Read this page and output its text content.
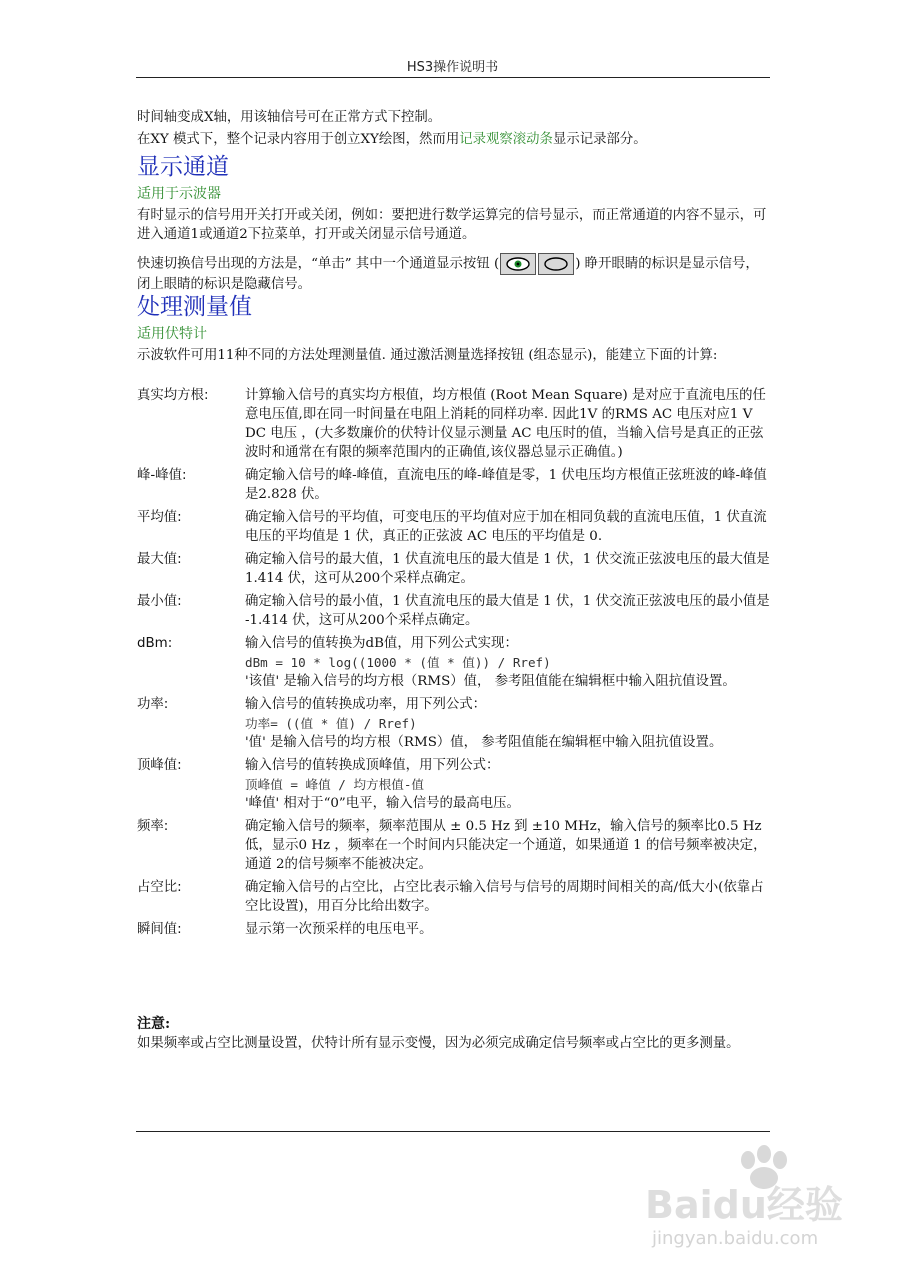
HS3操作说明书

时间轴变成X轴，用该轴信号可在正常方式下控制。

在XY 模式下，整个记录内容用于创立XY绘图，然而用记录观察滚动条显示记录部分。

显示通道
适用于示波器

有时显示的信号用开关打开或关闭，例如：要把进行数学运算完的信号显示，而正常通道的内容不显示，可进入通道1或通道2下拉菜单，打开或关闭显示信号通道。

快速切换信号出现的方法是，“单击” 其中一个通道显示按钮 (	) 睁开眼睛的标识是显示信号，闭上眼睛的标识是隐藏信号。

处理测量值
适用伏特计

示波软件可用11种不同的方法处理测量值. 通过激活测量选择按钮 (组态显示)，能建立下面的计算:

真实均方根:	计算输入信号的真实均方根值，均方根值 (Root Mean Square) 是对应于直流电压的任意电压值,即在同一时间量在电阻上消耗的同样功率. 因此1V 的RMS AC 电压对应1 V DC 电压 ，(大多数廉价的伏特计仪显示测量 AC 电压时的值，当输入信号是真正的正弦波时和通常在有限的频率范围内的正确值,该仪器总显示正确值。)
峰-峰值:	确定输入信号的峰-峰值，直流电压的峰-峰值是零，1 伏电压均方根值正弦班波的峰-峰值是2.828 伏。
平均值:	确定输入信号的平均值，可变电压的平均值对应于加在相同负载的直流电压值，1 伏直流电压的平均值是 1 伏，真正的正弦波 AC 电压的平均值是 0.
最大值:	确定输入信号的最大值，1 伏直流电压的最大值是 1 伏，1 伏交流正弦波电压的最大值是 1.414 伏，这可从200个采样点确定。
最小值:	确定输入信号的最小值，1 伏直流电压的最大值是 1 伏，1 伏交流正弦波电压的最小值是 -1.414 伏，这可从200个采样点确定。
dBm:	输入信号的值转换为dB值，用下列公式实现：
dBm = 10 * log((1000 * (值 * 值)) / Rref)
'该值' 是输入信号的均方根（RMS）值， 参考阻值能在编辑框中输入阻抗值设置。
功率:	输入信号的值转换成功率，用下列公式：
功率= ((值 * 值) / Rref)
'值' 是输入信号的均方根（RMS）值， 参考阻值能在编辑框中输入阻抗值设置。
顶峰值:	输入信号的值转换成顶峰值，用下列公式：
顶峰值 = 峰值 / 均方根值-值
'峰值' 相对于“0”电平，输入信号的最高电压。
频率:	确定输入信号的频率，频率范围从 ± 0.5 Hz 到 ±10 MHz，输入信号的频率比0.5 Hz低，显示0 Hz ，频率在一个时间内只能决定一个通道，如果通道 1 的信号频率被决定，通道 2的信号频率不能被决定。
占空比:	确定输入信号的占空比，占空比表示输入信号与信号的周期时间相关的高/低大小(依靠占空比设置)，用百分比给出数字。
瞬间值:	显示第一次预采样的电压电平。
注意:

如果频率或占空比测量设置，伏特计所有显示变慢，因为必须完成确定信号频率或占空比的更多测量。

Baidu经验
jingyan.baidu.com
